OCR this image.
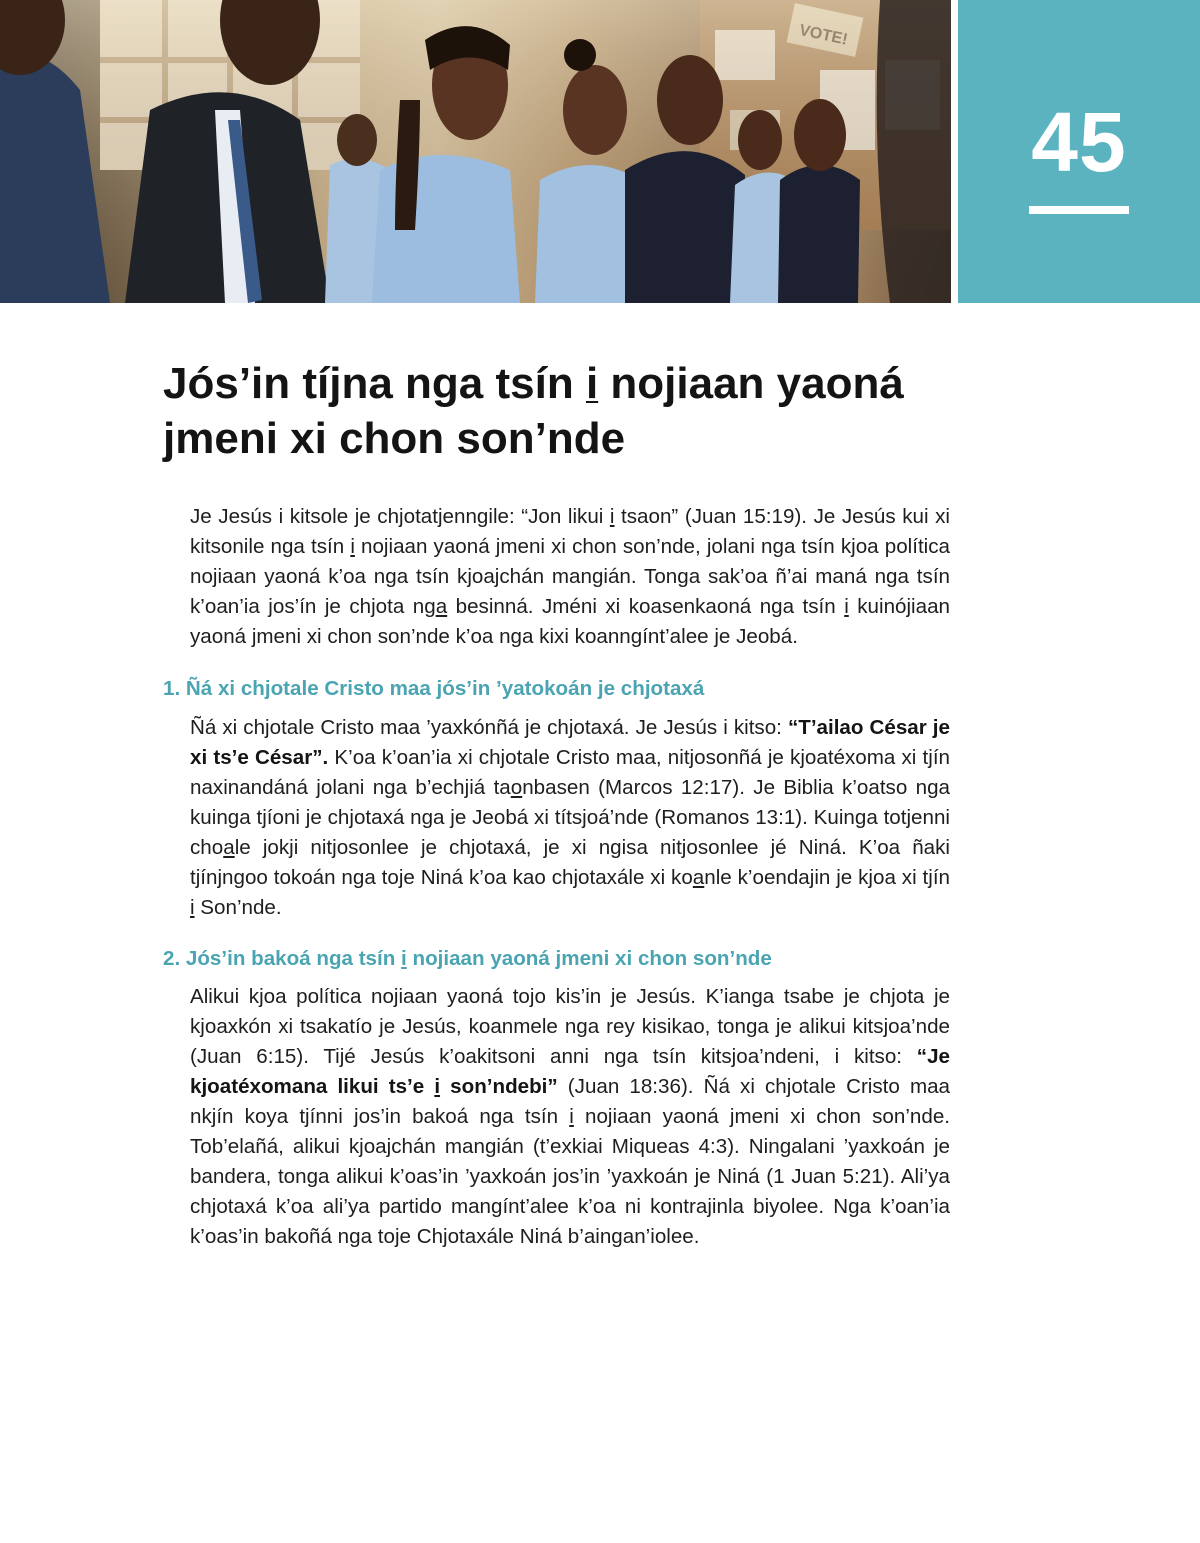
45
Jós’in tíjna nga tsín i nojiaan yaoná jmeni xi chon son’nde

Je Jesús i kitsole je chjotatjenngile: “Jon likui i tsaon” (Juan 15:19). Je Jesús kui xi kitsonile nga tsín i nojiaan yaoná jmeni xi chon son’nde, jolani nga tsín kjoa política nojiaan yaoná k’oa nga tsín kjoajchán mangián. Tonga sak’oa ñ’ai maná nga tsín k’oan’ia jos’ín je chjota nga besinná. Jméni xi koasenkaoná nga tsín i kuinójiaan yaoná jmeni xi chon son’nde k’oa nga kixi koanngínt’alee je Jeobá.

1. Ñá xi chjotale Cristo maa jós’in ’yatokoán je chjotaxá

Ñá xi chjotale Cristo maa ’yaxkónñá je chjotaxá. Je Jesús i kitso: “T’ailao César je xi ts’e César”. K’oa k’oan’ia xi chjotale Cristo maa, nitjosonñá je kjoatéxoma xi tjín naxinandáná jolani nga b’echjiá taonbasen (Marcos 12:17). Je Biblia k’oatso nga kuinga tjíoni je chjotaxá nga je Jeobá xi títsjoá’nde (Romanos 13:1). Kuinga totjenni choale jokji nitjosonlee je chjotaxá, je xi ngisa nitjosonlee jé Niná. K’oa ñaki tjínjngoo tokoán nga toje Niná k’oa kao chjotaxále xi koanle k’oendajin je kjoa xi tjín i Son’nde.

2. Jós’in bakoá nga tsín i nojiaan yaoná jmeni xi chon son’nde

Alikui kjoa política nojiaan yaoná tojo kis’in je Jesús. K’ianga tsabe je chjota je kjoaxkón xi tsakatío je Jesús, koanmele nga rey kisikao, tonga je alikui kitsjoa’nde (Juan 6:15). Tijé Jesús k’oakitsoni anni nga tsín kitsjoa’ndeni, i kitso: “Je kjoatéxomana likui ts’e i son’ndebi” (Juan 18:36). Ñá xi chjotale Cristo maa nkjín koya tjínni jos’in bakoá nga tsín i nojiaan yaoná jmeni xi chon son’nde. Tob’elañá, alikui kjoajchán mangián (t’exkiai Miqueas 4:3). Ningalani ’yaxkoán je bandera, tonga alikui k’oas’in ’yaxkoán jos’in ’yaxkoán je Niná (1 Juan 5:21). Ali’ya chjotaxá k’oa ali’ya partido mangínt’alee k’oa ni kontrajinla biyolee. Nga k’oan’ia k’oas’in bakoñá nga toje Chjotaxále Niná b’aingan’iolee.
